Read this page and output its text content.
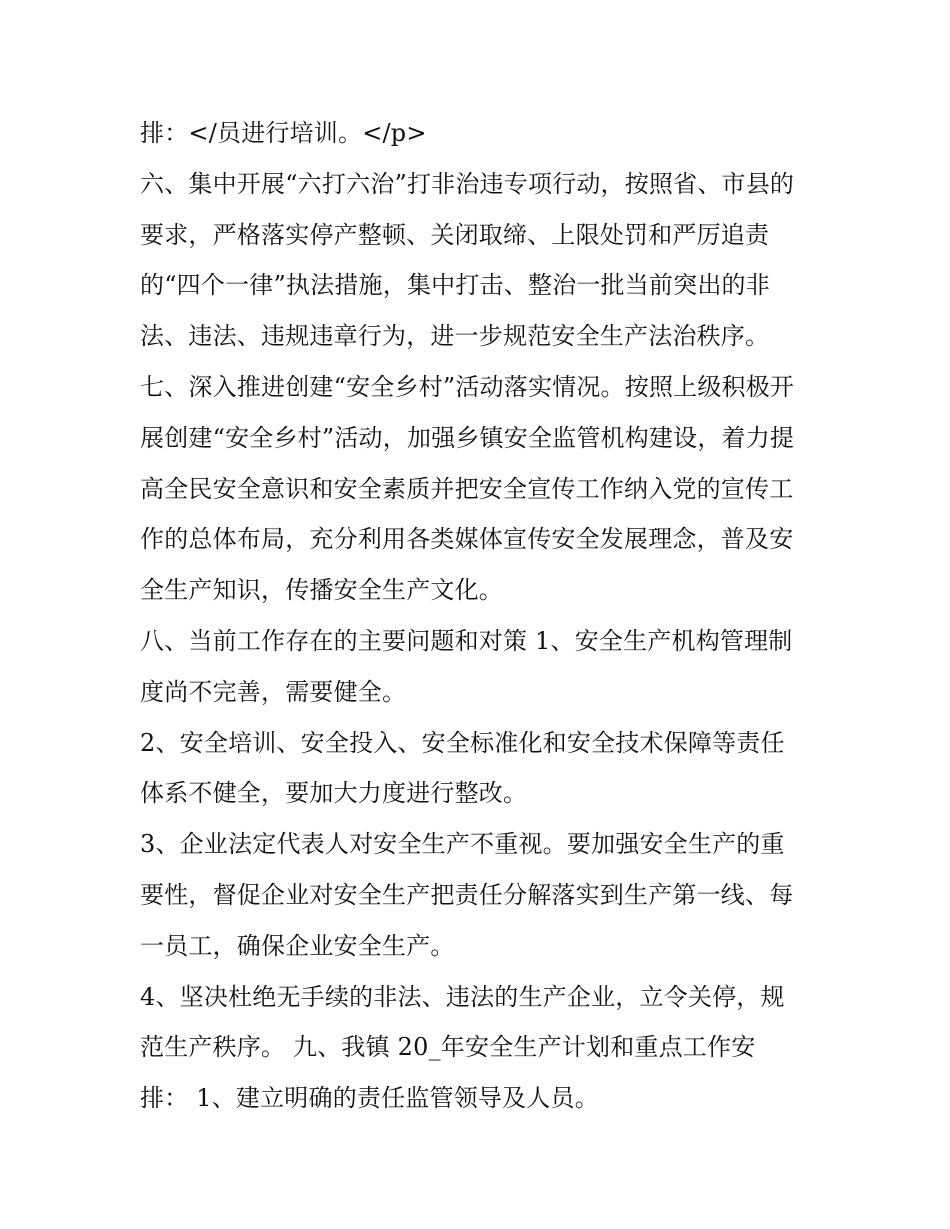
排：</员进行培训。</p>
六、集中开展“六打六治”打非治违专项行动，按照省、市县的
要求，严格落实停产整顿、关闭取缔、上限处罚和严厉追责
的“四个一律”执法措施，集中打击、整治一批当前突出的非
法、违法、违规违章行为，进一步规范安全生产法治秩序。
七、深入推进创建“安全乡村”活动落实情况。按照上级积极开
展创建“安全乡村”活动，加强乡镇安全监管机构建设，着力提
高全民安全意识和安全素质并把安全宣传工作纳入党的宣传工
作的总体布局，充分利用各类媒体宣传安全发展理念，普及安
全生产知识，传播安全生产文化。
八、当前工作存在的主要问题和对策 1、安全生产机构管理制
度尚不完善，需要健全。
2、安全培训、安全投入、安全标准化和安全技术保障等责任
体系不健全，要加大力度进行整改。
3、企业法定代表人对安全生产不重视。要加强安全生产的重
要性，督促企业对安全生产把责任分解落实到生产第一线、每
一员工，确保企业安全生产。
4、坚决杜绝无手续的非法、违法的生产企业，立令关停，规
范生产秩序。 九、我镇 20_年安全生产计划和重点工作安
排： 1、建立明确的责任监管领导及人员。
